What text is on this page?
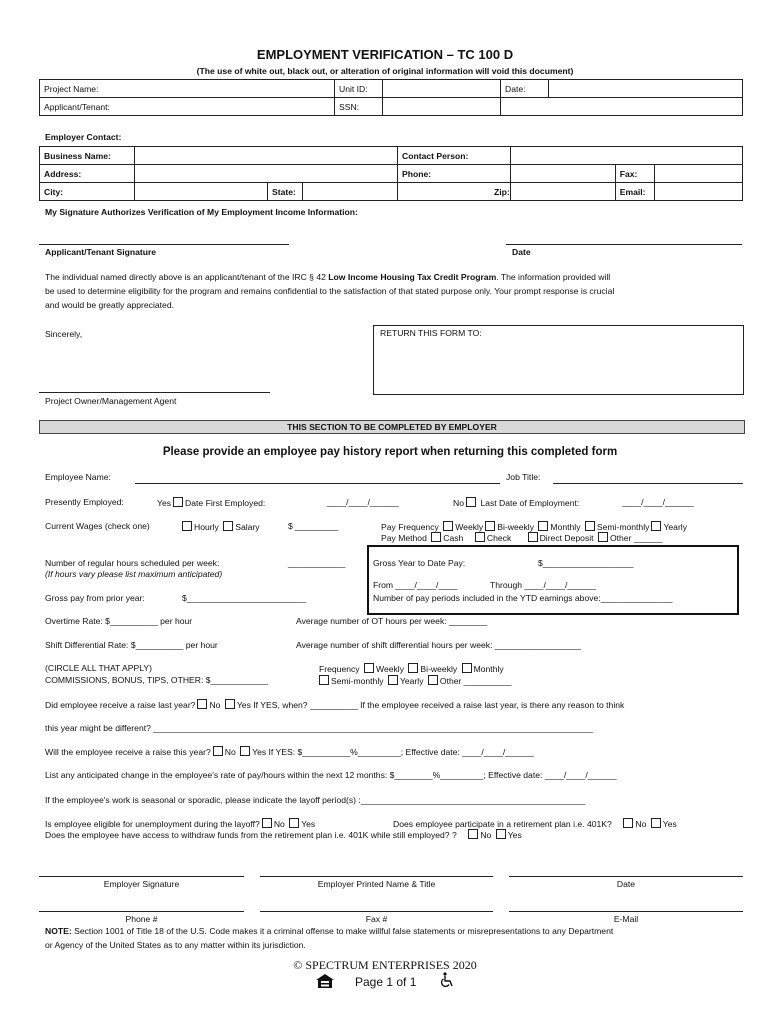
EMPLOYMENT VERIFICATION – TC 100 D
(The use of white out, black out, or alteration of original information will void this document)
Project Name:	Unit ID:		Date:	
Applicant/Tenant:	SSN:			
Employer Contact:
Business Name:				Contact Person:			
Address:				Phone:		Fax:	
City:		State:		Zip:		Email:	
My Signature Authorizes Verification of My Employment Income Information:
Applicant/Tenant Signature	Date
The individual named directly above is an applicant/tenant of the IRC § 42 Low Income Housing Tax Credit Program. The information provided will
be used to determine eligibility for the program and remains confidential to the satisfaction of that stated purpose only. Your prompt response is crucial
and would be greatly appreciated.
Sincerely,	RETURN THIS FORM TO:
Project Owner/Management Agent
THIS SECTION TO BE COMPLETED BY EMPLOYER
Please provide an employee pay history report when returning this completed form
Employee Name:	Job Title:
Presently Employed:	Yes Date First Employed:	____/____/______	No Last Date of Employment:	____/____/______
Current Wages (check one)	Hourly Salary	$ _________	Pay Frequency Weekly Bi-weekly Monthly Semi-monthly Yearly
Pay Method Cash	Check	Direct Deposit Other ______
Number of regular hours scheduled per week:	____________
(If hours vary please list maximum anticipated)
Gross pay from prior year:	$_________________________
Gross Year to Date Pay:	$___________________
From ____/____/____	Through ____/____/______
Number of pay periods included in the YTD earnings above:_______________
Overtime Rate: $__________ per hour	Average number of OT hours per week: ________
Shift Differential Rate: $__________ per hour	Average number of shift differential hours per week: __________________
(CIRCLE ALL THAT APPLY)
COMMISSIONS, BONUS, TIPS, OTHER: $____________
Frequency Weekly Bi-weekly Monthly
Semi-monthly Yearly Other __________
Did employee receive a raise last year? No Yes If YES, when? __________ If the employee received a raise last year, is there any reason to think
this year might be different? ____________________________________________________________________________________________
Will the employee receive a raise this year? No Yes If YES: $__________%_________; Effective date: ____/____/______
List any anticipated change in the employee's rate of pay/hours within the next 12 months: $________%_________; Effective date: ____/____/______
If the employee's work is seasonal or sporadic, please indicate the layoff period(s) :_______________________________________________
Is employee eligible for unemployment during the layoff? No Yes	Does employee participate in a retirement plan i.e. 401K?	No Yes
Does the employee have access to withdraw funds from the retirement plan i.e. 401K while still employed? ?	No Yes
Employer Signature	Employer Printed Name & Title	Date
Phone #	Fax #	E-Mail
NOTE: Section 1001 of Title 18 of the U.S. Code makes it a criminal offense to make willful false statements or misrepresentations to any Department
or Agency of the United States as to any matter within its jurisdiction.
© SPECTRUM ENTERPRISES 2020
Page 1 of 1
